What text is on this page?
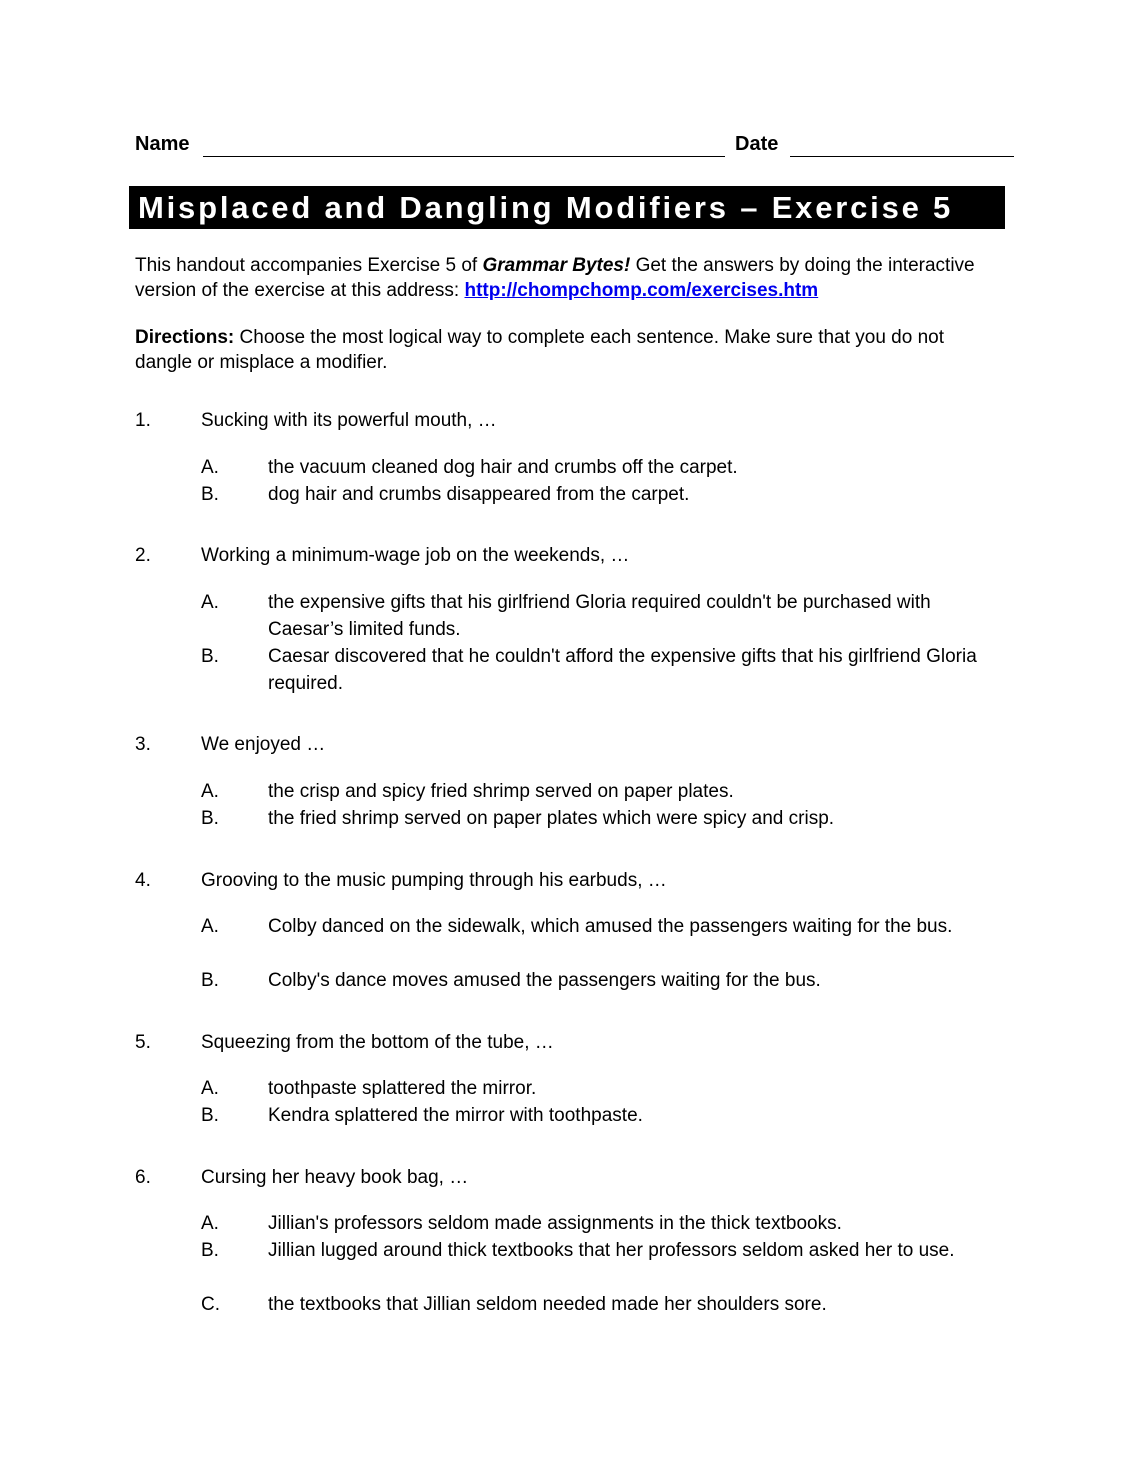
Name	Date
Misplaced and Dangling Modifiers – Exercise 5
This handout accompanies Exercise 5 of Grammar Bytes! Get the answers by doing the interactive version of the exercise at this address: http://chompchomp.com/exercises.htm
Directions: Choose the most logical way to complete each sentence. Make sure that you do not dangle or misplace a modifier.
1.	Sucking with its powerful mouth, …
A.	the vacuum cleaned dog hair and crumbs off the carpet.
B.	dog hair and crumbs disappeared from the carpet.
2.	Working a minimum-wage job on the weekends, …
A.	the expensive gifts that his girlfriend Gloria required couldn't be purchased with Caesar’s limited funds.
B.	Caesar discovered that he couldn't afford the expensive gifts that his girlfriend Gloria required.
3.	We enjoyed …
A.	the crisp and spicy fried shrimp served on paper plates.
B.	the fried shrimp served on paper plates which were spicy and crisp.
4.	Grooving to the music pumping through his earbuds, …
A.	Colby danced on the sidewalk, which amused the passengers waiting for the bus.
B.	Colby's dance moves amused the passengers waiting for the bus.
5.	Squeezing from the bottom of the tube, …
A.	toothpaste splattered the mirror.
B.	Kendra splattered the mirror with toothpaste.
6.	Cursing her heavy book bag, …
A.	Jillian's professors seldom made assignments in the thick textbooks.
B.	Jillian lugged around thick textbooks that her professors seldom asked her to use.
C.	the textbooks that Jillian seldom needed made her shoulders sore.
